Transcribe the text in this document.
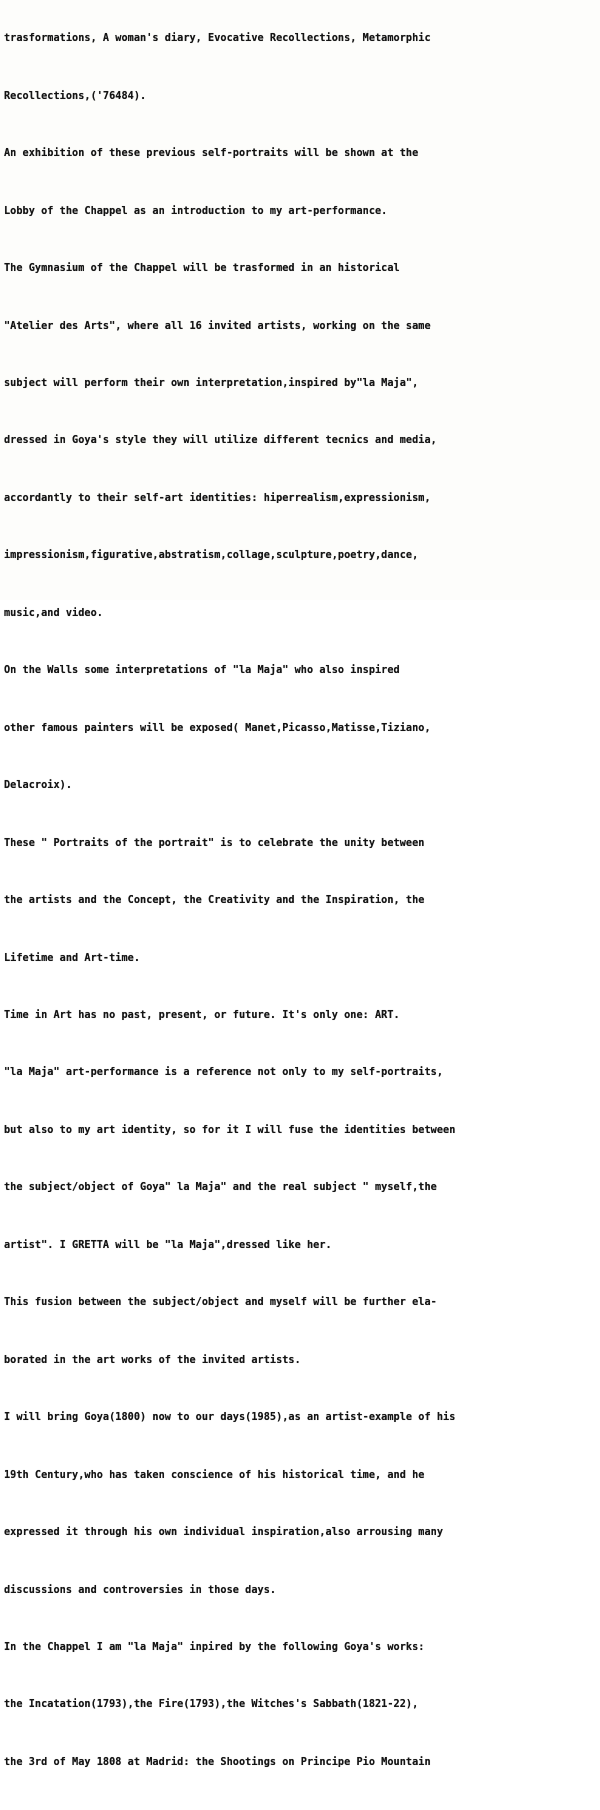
trasformations, A woman's diary, Evocative Recollections, Metamorphic

Recollections,('76484).

An exhibition of these previous self-portraits will be shown at the

Lobby of the Chappel as an introduction to my art-performance.

The Gymnasium of the Chappel will be trasformed in an historical

"Atelier des Arts", where all 16 invited artists, working on the same

subject will perform their own interpretation,inspired by"la Maja",

dressed in Goya's style they will utilize different tecnics and media,

accordantly to their self-art identities: hiperrealism,expressionism,

impressionism,figurative,abstratism,collage,sculpture,poetry,dance,

music,and video.

On the Walls some interpretations of "la Maja" who also inspired

other famous painters will be exposed( Manet,Picasso,Matisse,Tiziano,

Delacroix).

These " Portraits of the portrait" is to celebrate the unity between

the artists and the Concept, the Creativity and the Inspiration, the

Lifetime and Art-time.

Time in Art has no past, present, or future. It's only one: ART.

"la Maja" art-performance is a reference not only to my self-portraits,

but also to my art identity, so for it I will fuse the identities between

the subject/object of Goya" la Maja" and the real subject " myself,the

artist". I GRETTA will be "la Maja",dressed like her.

This fusion between the subject/object and myself will be further ela-

borated in the art works of the invited artists.

I will bring Goya(1800) now to our days(1985),as an artist-example of his

19th Century,who has taken conscience of his historical time, and he

expressed it through his own individual inspiration,also arrousing many

discussions and controversies in those days.

In the Chappel I am "la Maja" inpired by the following Goya's works:

the Incatation(1793),the Fire(1793),the Witches's Sabbath(1821-22),

the 3rd of May 1808 at Madrid: the Shootings on Principe Pio Mountain
